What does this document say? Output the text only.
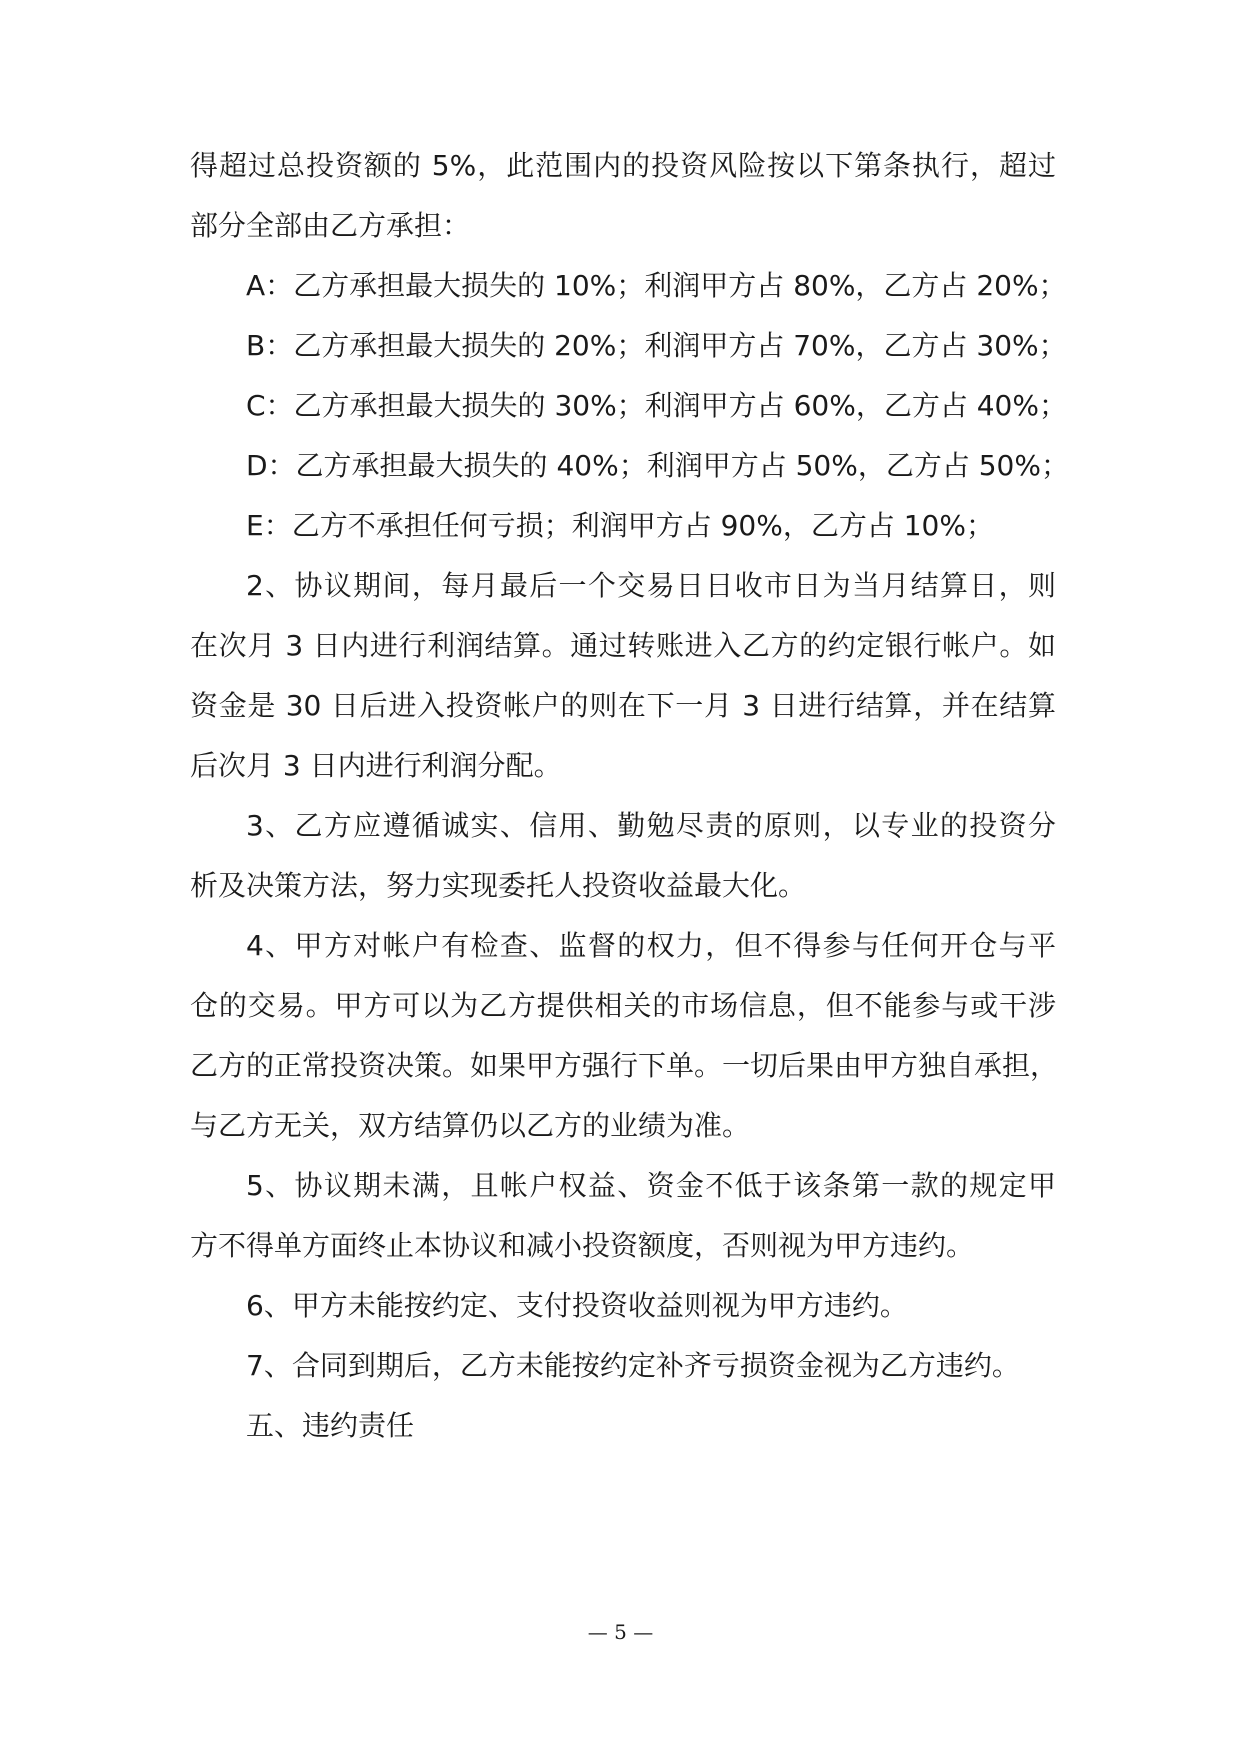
得超过总投资额的 5%，此范围内的投资风险按以下第条执行，超过
部分全部由乙方承担：
A：乙方承担最大损失的 10%；利润甲方占 80%，乙方占 20%；
B：乙方承担最大损失的 20%；利润甲方占 70%，乙方占 30%；
C：乙方承担最大损失的 30%；利润甲方占 60%，乙方占 40%；
D：乙方承担最大损失的 40%；利润甲方占 50%，乙方占 50%；
E：乙方不承担任何亏损；利润甲方占 90%，乙方占 10%；
2、协议期间，每月最后一个交易日日收市日为当月结算日，则
在次月 3 日内进行利润结算。通过转账进入乙方的约定银行帐户。如
资金是 30 日后进入投资帐户的则在下一月 3 日进行结算，并在结算
后次月 3 日内进行利润分配。
3、乙方应遵循诚实、信用、勤勉尽责的原则，以专业的投资分
析及决策方法，努力实现委托人投资收益最大化。
4、甲方对帐户有检查、监督的权力，但不得参与任何开仓与平
仓的交易。甲方可以为乙方提供相关的市场信息，但不能参与或干涉
乙方的正常投资决策。如果甲方强行下单。一切后果由甲方独自承担，
与乙方无关，双方结算仍以乙方的业绩为准。
5、协议期未满，且帐户权益、资金不低于该条第一款的规定甲
方不得单方面终止本协议和减小投资额度，否则视为甲方违约。
6、甲方未能按约定、支付投资收益则视为甲方违约。
7、合同到期后，乙方未能按约定补齐亏损资金视为乙方违约。
五、违约责任
— 5 —
